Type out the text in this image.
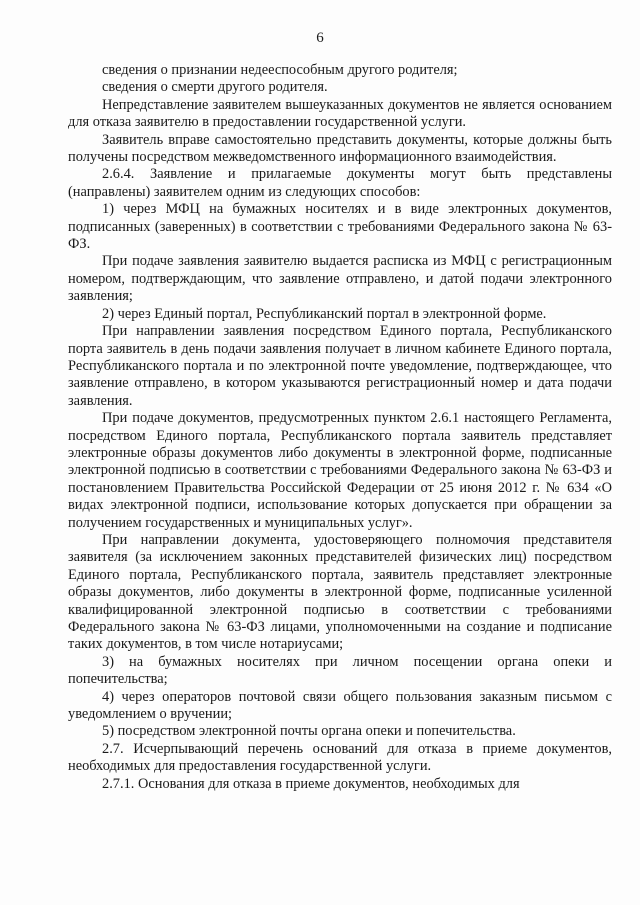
6

сведения о признании недееспособным другого родителя;

сведения о смерти другого родителя.

Непредставление заявителем вышеуказанных документов не является основанием для отказа заявителю в предоставлении государственной услуги.

Заявитель вправе самостоятельно представить документы, которые должны быть получены посредством межведомственного информационного взаимодействия.

2.6.4. Заявление и прилагаемые документы могут быть представлены (направлены) заявителем одним из следующих способов:

1) через МФЦ на бумажных носителях и в виде электронных документов, подписанных (заверенных) в соответствии с требованиями Федерального закона № 63-ФЗ.

При подаче заявления заявителю выдается расписка из МФЦ с регистрационным номером, подтверждающим, что заявление отправлено, и датой подачи электронного заявления;

2) через Единый портал, Республиканский портал в электронной форме.

При направлении заявления посредством Единого портала, Республиканского порта заявитель в день подачи заявления получает в личном кабинете Единого портала, Республиканского портала и по электронной почте уведомление, подтверждающее, что заявление отправлено, в котором указываются регистрационный номер и дата подачи заявления.

При подаче документов, предусмотренных пунктом 2.6.1 настоящего Регламента, посредством Единого портала, Республиканского портала заявитель представляет электронные образы документов либо документы в электронной форме, подписанные электронной подписью в соответствии с требованиями Федерального закона № 63-ФЗ и постановлением Правительства Российской Федерации от 25 июня 2012 г. № 634 «О видах электронной подписи, использование которых допускается при обращении за получением государственных и муниципальных услуг».

При направлении документа, удостоверяющего полномочия представителя заявителя (за исключением законных представителей физических лиц) посредством Единого портала, Республиканского портала, заявитель представляет электронные образы документов, либо документы в электронной форме, подписанные усиленной квалифицированной электронной подписью в соответствии с требованиями Федерального закона № 63-ФЗ лицами, уполномоченными на создание и подписание таких документов, в том числе нотариусами;

3) на бумажных носителях при личном посещении органа опеки и попечительства;

4) через операторов почтовой связи общего пользования заказным письмом с уведомлением о вручении;

5) посредством электронной почты органа опеки и попечительства.

2.7. Исчерпывающий перечень оснований для отказа в приеме документов, необходимых для предоставления государственной услуги.

2.7.1. Основания для отказа в приеме документов, необходимых для
